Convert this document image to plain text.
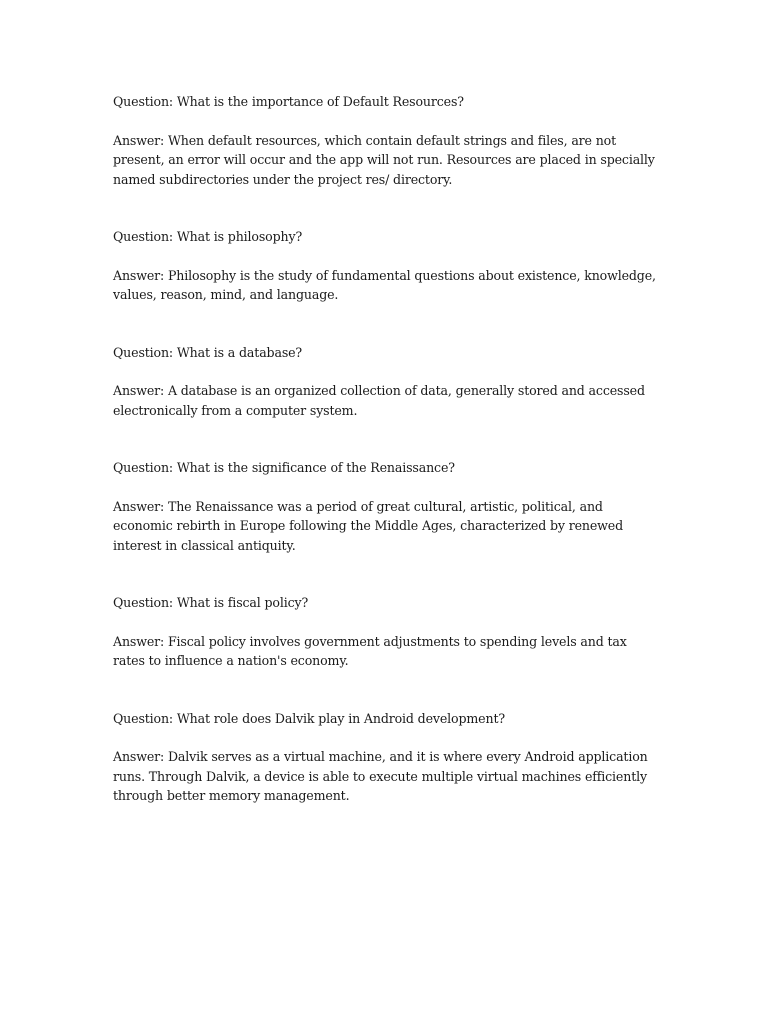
Question: What is the importance of Default Resources?

Answer: When default resources, which contain default strings and files, are not present, an error will occur and the app will not run. Resources are placed in specially named subdirectories under the project res/ directory.

Question: What is philosophy?

Answer: Philosophy is the study of fundamental questions about existence, knowledge, values, reason, mind, and language.

Question: What is a database?

Answer: A database is an organized collection of data, generally stored and accessed electronically from a computer system.

Question: What is the significance of the Renaissance?

Answer: The Renaissance was a period of great cultural, artistic, political, and economic rebirth in Europe following the Middle Ages, characterized by renewed interest in classical antiquity.

Question: What is fiscal policy?

Answer: Fiscal policy involves government adjustments to spending levels and tax rates to influence a nation's economy.

Question: What role does Dalvik play in Android development?

Answer: Dalvik serves as a virtual machine, and it is where every Android application runs. Through Dalvik, a device is able to execute multiple virtual machines efficiently through better memory management.
